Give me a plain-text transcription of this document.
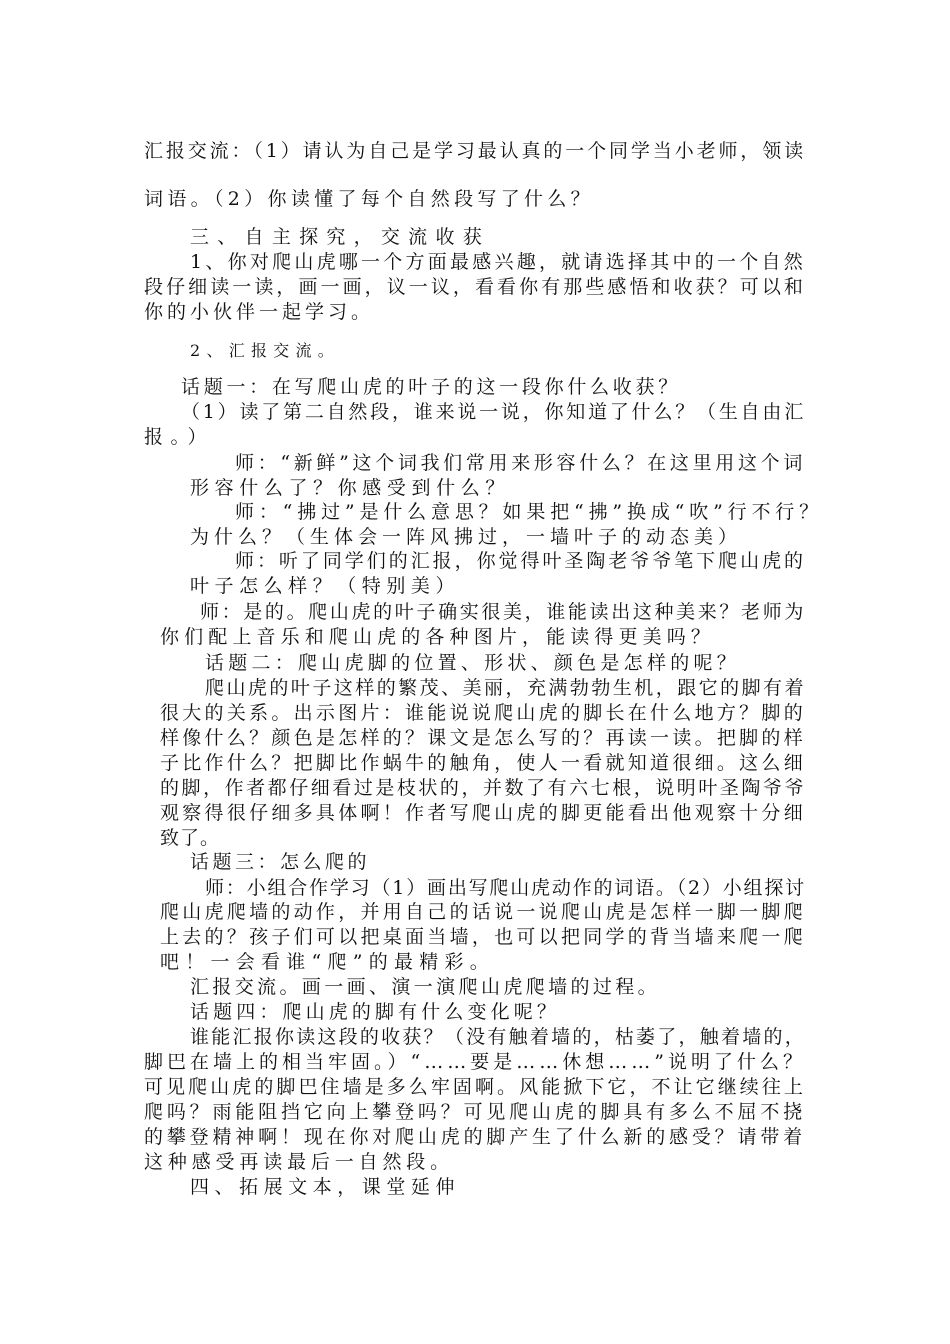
汇报交流：（1）请认为自己是学习最认真的一个同学当小老师，领读

词语。（2）你读懂了每个自然段写了什么？

三、自主探究，交流收获

1、你对爬山虎哪一个方面最感兴趣，就请选择其中的一个自然

段仔细读一读，画一画，议一议，看看你有那些感悟和收获？可以和

你的小伙伴一起学习。

2、汇报交流。

话题一：在写爬山虎的叶子的这一段你什么收获？

（1）读了第二自然段，谁来说一说，你知道了什么？（生自由汇

报。）

师：“新鲜”这个词我们常用来形容什么？在这里用这个词

形容什么了？你感受到什么？

师：“拂过”是什么意思？如果把“拂”换成“吹”行不行？

为什么？（生体会一阵风拂过，一墙叶子的动态美）

师：听了同学们的汇报，你觉得叶圣陶老爷爷笔下爬山虎的

叶子怎么样？（特别美）

师：是的。爬山虎的叶子确实很美，谁能读出这种美来？老师为

你们配上音乐和爬山虎的各种图片，能读得更美吗？

话题二：爬山虎脚的位置、形状、颜色是怎样的呢？

爬山虎的叶子这样的繁茂、美丽，充满勃勃生机，跟它的脚有着

很大的关系。出示图片：谁能说说爬山虎的脚长在什么地方？脚的

样像什么？颜色是怎样的？课文是怎么写的？再读一读。把脚的样

子比作什么？把脚比作蜗牛的触角，使人一看就知道很细。这么细

的脚，作者都仔细看过是枝状的，并数了有六七根，说明叶圣陶爷爷

观察得很仔细多具体啊！作者写爬山虎的脚更能看出他观察十分细

致了。

话题三：怎么爬的

师：小组合作学习（1）画出写爬山虎动作的词语。（2）小组探讨

爬山虎爬墙的动作，并用自己的话说一说爬山虎是怎样一脚一脚爬

上去的？孩子们可以把桌面当墙，也可以把同学的背当墙来爬一爬

吧！一会看谁“爬”的最精彩。

汇报交流。画一画、演一演爬山虎爬墙的过程。

话题四：爬山虎的脚有什么变化呢？

谁能汇报你读这段的收获？（没有触着墙的，枯萎了，触着墙的，

脚巴在墙上的相当牢固。）“……要是……休想……”说明了什么？

可见爬山虎的脚巴住墙是多么牢固啊。风能掀下它，不让它继续往上

爬吗？雨能阻挡它向上攀登吗？可见爬山虎的脚具有多么不屈不挠

的攀登精神啊！现在你对爬山虎的脚产生了什么新的感受？请带着

这种感受再读最后一自然段。

四、拓展文本，课堂延伸
